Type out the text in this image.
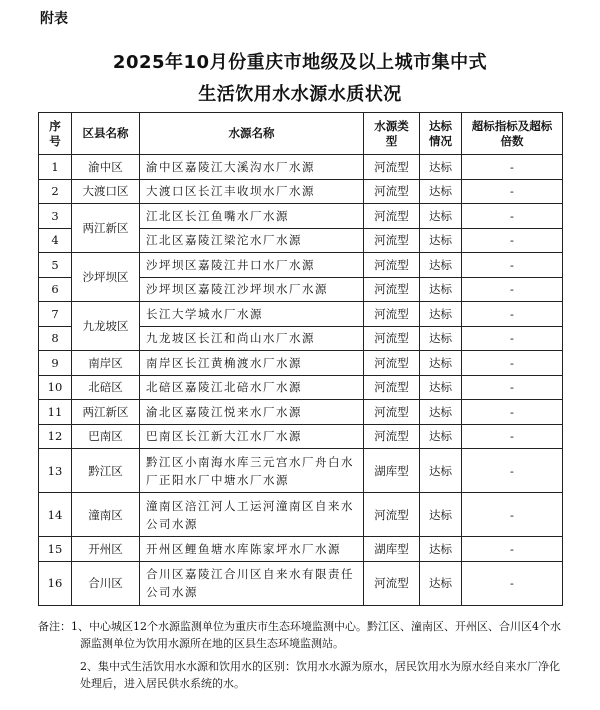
附表
2025年10月份重庆市地级及以上城市集中式
生活饮用水水源水质状况
序号	区县名称	水源名称	水源类型	达标情况	超标指标及超标倍数
1	渝中区	渝中区嘉陵江大溪沟水厂水源	河流型	达标	-
2	大渡口区	大渡口区长江丰收坝水厂水源	河流型	达标	-
3	两江新区	江北区长江鱼嘴水厂水源	河流型	达标	-
4		江北区嘉陵江梁沱水厂水源	河流型	达标	-
5	沙坪坝区	沙坪坝区嘉陵江井口水厂水源	河流型	达标	-
6		沙坪坝区嘉陵江沙坪坝水厂水源	河流型	达标	-
7	九龙坡区	长江大学城水厂水源	河流型	达标	-
8		九龙坡区长江和尚山水厂水源	河流型	达标	-
9	南岸区	南岸区长江黄桷渡水厂水源	河流型	达标	-
10	北碚区	北碚区嘉陵江北碚水厂水源	河流型	达标	-
11	两江新区	渝北区嘉陵江悦来水厂水源	河流型	达标	-
12	巴南区	巴南区长江新大江水厂水源	河流型	达标	-
13	黔江区	黔江区小南海水库三元宫水厂舟白水厂正阳水厂中塘水厂水源	湖库型	达标	-
14	潼南区	潼南区涪江河人工运河潼南区自来水公司水源	河流型	达标	-
15	开州区	开州区鲤鱼塘水库陈家坪水厂水源	湖库型	达标	-
16	合川区	合川区嘉陵江合川区自来水有限责任公司水源	河流型	达标	-

备注：1、中心城区12个水源监测单位为重庆市生态环境监测中心。黔江区、潼南区、开州区、合川区4个水源监测单位为饮用水源所在地的区县生态环境监测站。

2、集中式生活饮用水水源和饮用水的区别：饮用水水源为原水，居民饮用水为原水经自来水厂净化处理后，进入居民供水系统的水。
